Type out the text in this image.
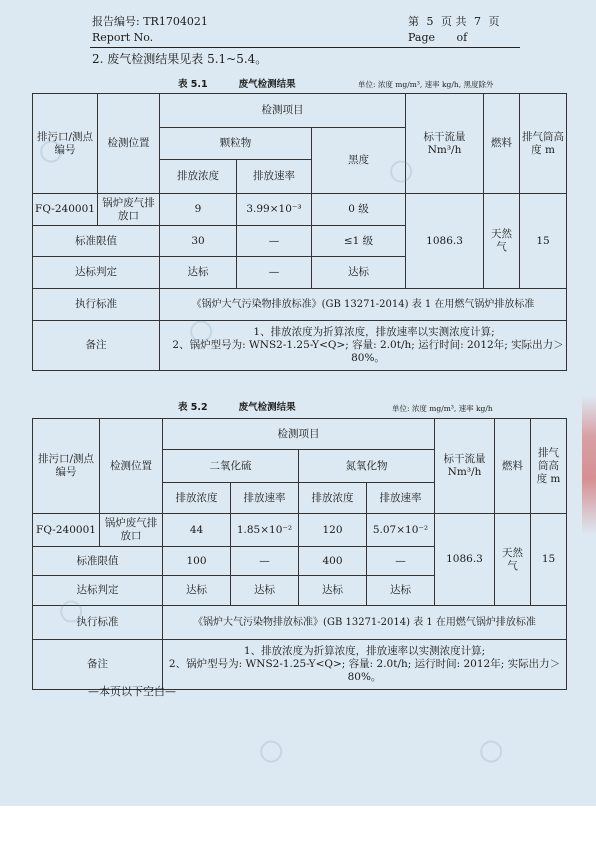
报告编号: TR1704021
Report No.
第 5 页 共 7 页
Page of
2. 废气检测结果见表 5.1~5.4。
表 5.1	废气检测结果	单位: 浓度 mg/m³, 速率 kg/h, 黑度除外
排污口/测点编号	检测位置	检测项目			标干流量 Nm³/h	燃料	排气筒高度 m
		颗粒物		黑度			
		排放浓度	排放速率				
FQ-240001	锅炉废气排放口	9	3.99×10⁻³	0 级	1086.3	天然气	15
标准限值		30	—	≤1 级			
达标判定		达标	—	达标			
执行标准		《锅炉大气污染物排放标准》(GB 13271-2014) 表 1 在用燃气锅炉排放标准					
备注		1、排放浓度为折算浓度，排放速率以实测浓度计算;
2、锅炉型号为: WNS2-1.25-Y<Q>; 容量: 2.0t/h; 运行时间: 2012年; 实际出力＞80%。					
表 5.2	废气检测结果	单位: 浓度 mg/m³, 速率 kg/h
排污口/测点编号	检测位置	检测项目				标干流量 Nm³/h	燃料	排气筒高度 m
		二氧化硫		氮氧化物				
		排放浓度	排放速率	排放浓度	排放速率			
FQ-240001	锅炉废气排放口	44	1.85×10⁻²	120	5.07×10⁻²	1086.3	天然气	15
标准限值		100	—	400	—			
达标判定		达标	达标	达标	达标			
执行标准		《锅炉大气污染物排放标准》(GB 13271-2014) 表 1 在用燃气锅炉排放标准						
备注		1、排放浓度为折算浓度，排放速率以实测浓度计算;
2、锅炉型号为: WNS2-1.25-Y<Q>; 容量: 2.0t/h; 运行时间: 2012年; 实际出力＞80%。						
—本页以下空白—
